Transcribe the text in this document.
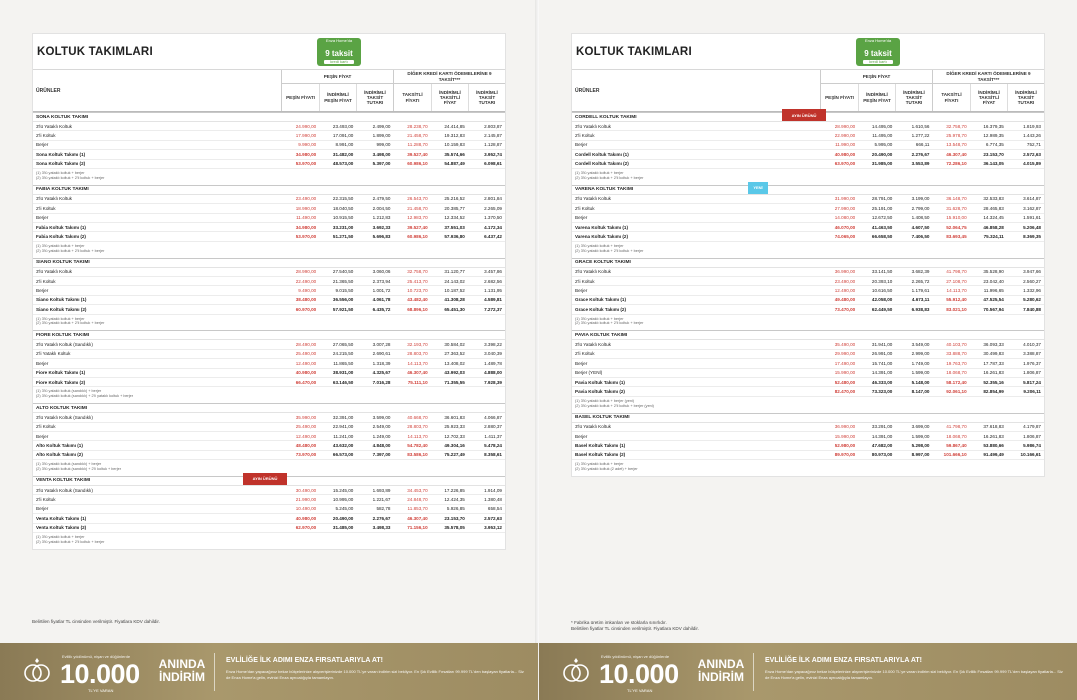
KOLTUK TAKIMLARI
Enza Home'da
9 taksit
kredi kartı
ÜRÜNLER
PEŞİN FİYAT
PEŞİN FİYATI
İNDİRİMLİ PEŞİN FİYAT
İNDİRİMLİ TAKSİT TUTARI
DİĞER KREDİ KARTI ÖDEMELERİNE 9 TAKSİT***
TAKSİTLİ FİYATI
İNDİRİMLİ TAKSİTLİ FİYAT
İNDİRİMLİ TAKSİT TUTARI
SONA KOLTUK TAKIMI
3'lü Yataklı Koltuk	24.990,00	23.493,00	2.499,00	28.238,70	24.414,85	2.803,87
2'li Koltuk	17.990,00	17.091,00	1.899,00	21.458,70	19.312,83	2.145,87
Berjer	9.990,00	8.991,00	999,00	11.288,70	10.159,83	1.128,87
Sona Koltuk Takımı (1)	34.980,00	31.482,00	3.498,00	39.527,40	35.574,66	3.952,74
Sona Koltuk Takımı (2)	53.970,00	48.573,00	5.397,00	60.986,10	54.887,49	6.098,61
(1) 3'lü yataklı koltuk + berjer
(2) 3'lü yataklı koltuk + 2'li koltuk + berjer
FABIA KOLTUK TAKIMI
3'lü Yataklı Koltuk	23.490,00	22.315,50	2.479,50	26.543,70	25.216,52	2.801,84
2'li Koltuk	18.990,00	18.040,50	2.004,50	21.458,70	20.385,77	2.265,09
Berjer	11.490,00	10.915,50	1.212,83	12.983,70	12.334,52	1.370,50
Fabia Koltuk Takımı (1)	34.980,00	33.231,00	3.692,33	39.527,40	37.551,03	4.172,34
Fabia Koltuk Takımı (2)	53.970,00	51.271,50	5.696,83	60.986,10	57.936,80	6.437,42
(1) 3'lü yataklı koltuk + berjer
(2) 3'lü yataklı koltuk + 2'li koltuk + berjer
SIANO KOLTUK TAKIMI
3'lü Yataklı Koltuk	28.990,00	27.540,50	3.060,06	32.758,70	31.120,77	3.457,86
2'li Koltuk	22.490,00	21.365,50	2.373,94	25.413,70	24.143,02	2.682,56
Berjer	9.490,00	9.015,50	1.001,72	10.723,70	10.187,52	1.131,95
Siano Koltuk Takımı (1)	38.480,00	36.556,00	4.061,78	43.482,40	41.308,28	4.589,81
Siano Koltuk Takımı (2)	60.970,00	57.921,50	6.435,72	68.896,10	65.451,30	7.272,37
(1) 3'lü yataklı koltuk + berjer
(2) 3'lü yataklı koltuk + 2'li koltuk + berjer
FIORE KOLTUK TAKIMI
3'lü Yataklı Koltuk (Sandıklı)	28.490,00	27.065,50	3.007,28	32.193,70	30.584,02	3.398,22
2'li Yataklı Koltuk	25.490,00	24.215,50	2.690,61	28.803,70	27.363,52	3.040,39
Berjer	12.490,00	11.865,50	1.318,39	14.113,70	13.408,02	1.489,78
Fiore Koltuk Takımı (1)	40.980,00	38.931,00	4.325,67	46.307,40	43.992,03	4.888,00
Fiore Koltuk Takımı (2)	66.470,00	63.146,50	7.016,28	75.111,10	71.355,55	7.928,39
(1) 3'lü yataklı koltuk (sandıklı) + berjer
(2) 3'lü yataklı koltuk (sandıklı) + 2'li yataklı koltuk + berjer
ALTO KOLTUK TAKIMI
3'lü Yataklı Koltuk (Sandıklı)	35.990,00	32.391,00	3.599,00	40.668,70	36.601,83	4.066,87
2'li Koltuk	25.490,00	22.941,00	2.549,00	28.803,70	25.923,33	2.880,37
Berjer	12.490,00	11.241,00	1.249,00	14.113,70	12.702,33	1.411,37
Alto Koltuk Takımı (1)	48.480,00	43.632,00	4.848,00	54.782,40	49.304,16	5.478,24
Alto Koltuk Takımı (2)	73.970,00	66.573,00	7.397,00	83.586,10	75.227,49	8.358,61
(1) 3'lü yataklı koltuk (sandıklı) + berjer
(2) 3'lü yataklı koltuk (sandıklı) + 2'li koltuk + berjer
VENTA KOLTUK TAKIMI	AYIN ÜRÜNÜ
3'lü Yataklı Koltuk (Sandıklı)	30.490,00	15.245,00	1.693,89	34.453,70	17.226,85	1.914,09
2'li Koltuk	21.990,00	10.995,00	1.221,67	24.848,70	12.424,35	1.380,48
Berjer	10.490,00	5.245,00	582,78	11.853,70	5.926,85	658,54
Venta Koltuk Takımı (1)	40.980,00	20.490,00	2.276,67	46.307,40	23.153,70	2.572,63
Venta Koltuk Takımı (2)	62.970,00	31.485,00	3.498,33	71.156,10	35.578,05	3.953,12
(1) 3'lü yataklı koltuk + berjer
(2) 3'lü yataklı koltuk + 2'li koltuk + berjer
Belirtilen fiyatlar TL cinsinden verilmiştir. Fiyatlara KDV dahildir.
Evlilik yıldönümü, nişan ve düğünlerde
10.000
TL'YE VARAN
ANINDA
İNDİRİM
EVLİLİĞE İLK ADIMI ENZA FIRSATLARIYLA AT!
Enza Home'dan yapacağınız bekar bütçelerinize alışverişlerinizde 10.000 TL'ye varan indirim sizi bekliyor. En Şık Evlilik Fırsatları 99.999 TL'den başlayan fiyatlarla... Siz de Enza Home'a gelin, evinizi Enza ayrıcalığıyla tamamlayın.
KOLTUK TAKIMLARI
Enza Home'da
9 taksit
kredi kartı
ÜRÜNLER
PEŞİN FİYAT
PEŞİN FİYATI
İNDİRİMLİ PEŞİN FİYAT
İNDİRİMLİ TAKSİT TUTARI
DİĞER KREDİ KARTI ÖDEMELERİNE 9 TAKSİT***
TAKSİTLİ FİYATI
İNDİRİMLİ TAKSİTLİ FİYAT
İNDİRİMLİ TAKSİT TUTARI
CORDELL KOLTUK TAKIMI	AYIN ÜRÜNÜ
3'lü Yataklı Koltuk	28.990,00	14.495,00	1.610,56	32.758,70	16.379,35	1.819,93
2'li Koltuk	22.990,00	11.495,00	1.277,22	25.978,70	12.989,35	1.443,26
Berjer	11.990,00	5.995,00	666,11	13.548,70	6.774,35	752,71
Cordell Koltuk Takımı (1)	40.980,00	20.490,00	2.276,67	46.307,40	23.153,70	2.572,63
Cordell Koltuk Takımı (2)	63.970,00	31.985,00	3.553,89	72.286,10	36.143,05	4.015,89
(1) 3'lü yataklı koltuk + berjer
(2) 3'lü yataklı koltuk + 2'li koltuk + berjer
VARENA KOLTUK TAKIMI	YENİ
3'lü Yataklı Koltuk	31.990,00	28.791,00	3.199,00	36.148,70	32.533,83	3.614,87
2'li Koltuk	27.990,00	25.191,00	2.799,00	31.628,70	28.465,83	3.162,87
Berjer	14.080,00	12.672,50	1.408,50	15.910,00	14.324,45	1.591,61
Varena Koltuk Takımı (1)	46.070,00	41.463,50	4.607,50	52.064,75	46.858,28	5.206,48
Varena Koltuk Takımı (2)	74.065,00	66.658,50	7.406,50	83.693,45	75.324,11	8.369,35
(1) 3'lü yataklı koltuk + berjer
(2) 3'lü yataklı koltuk + 2'li koltuk + berjer
GRACE KOLTUK TAKIMI
3'lü Yataklı Koltuk	36.990,00	33.141,50	3.682,39	41.798,70	35.528,90	3.947,66
2'li Koltuk	23.490,00	20.393,10	2.265,72	27.108,70	23.042,40	2.560,27
Berjer	12.490,00	10.616,50	1.179,61	14.113,70	11.996,65	1.332,96
Grace Koltuk Takımı (1)	49.480,00	42.058,00	4.673,11	55.912,40	47.525,54	5.280,62
Grace Koltuk Takımı (2)	73.470,00	62.449,50	6.938,83	83.021,10	70.567,94	7.840,88
(1) 3'lü yataklı koltuk + berjer
(2) 3'lü yataklı koltuk + 2'li koltuk + berjer
PAVIA KOLTUK TAKIMI
3'lü Yataklı Koltuk	35.490,00	31.941,00	3.549,00	40.103,70	36.093,33	4.010,37
2'li Koltuk	29.990,00	26.991,00	2.999,00	33.888,70	30.499,83	3.388,87
Berjer	17.490,00	15.741,00	1.749,00	19.763,70	17.787,33	1.976,37
Berjer (YENİ)	15.990,00	14.391,00	1.599,00	18.068,70	16.261,83	1.806,87
Pavia Koltuk Takımı (1)	52.480,00	46.333,00	5.148,00	58.172,40	52.355,16	5.817,24
Pavia Koltuk Takımı (2)	82.470,00	73.323,00	8.147,00	92.061,10	82.854,99	9.206,11
(1) 3'lü yataklı koltuk + berjer (yeni)
(2) 3'lü yataklı koltuk + 2'li koltuk + berjer (yeni)
BASEL KOLTUK TAKIMI
3'lü Yataklı Koltuk	36.990,00	33.291,00	3.699,00	41.798,70	37.618,83	4.179,87
Berjer	15.990,00	14.391,00	1.599,00	18.068,70	16.261,83	1.806,87
Basel Koltuk Takımı (1)	52.980,00	47.682,00	5.298,00	59.867,40	53.880,66	5.986,74
Basel Koltuk Takımı (2)	89.970,00	80.973,00	8.997,00	101.666,10	91.499,49	10.166,61
(1) 3'lü yataklı koltuk + berjer
(2) 3'lü yataklı koltuk (2 adet) + berjer
* Fabrika üretim imkanları ve stoklarla sınırlıdır.
Belirtilen fiyatlar TL cinsinden verilmiştir. Fiyatlara KDV dahildir.
Evlilik yıldönümü, nişan ve düğünlerde
10.000
TL'YE VARAN
ANINDA
İNDİRİM
EVLİLİĞE İLK ADIMI ENZA FIRSATLARIYLA AT!
Enza Home'dan yapacağınız bekar bütçelerinize alışverişlerinizde 10.000 TL'ye varan indirim sizi bekliyor. En Şık Evlilik Fırsatları 99.999 TL'den başlayan fiyatlarla... Siz de Enza Home'a gelin, evinizi Enza ayrıcalığıyla tamamlayın.
